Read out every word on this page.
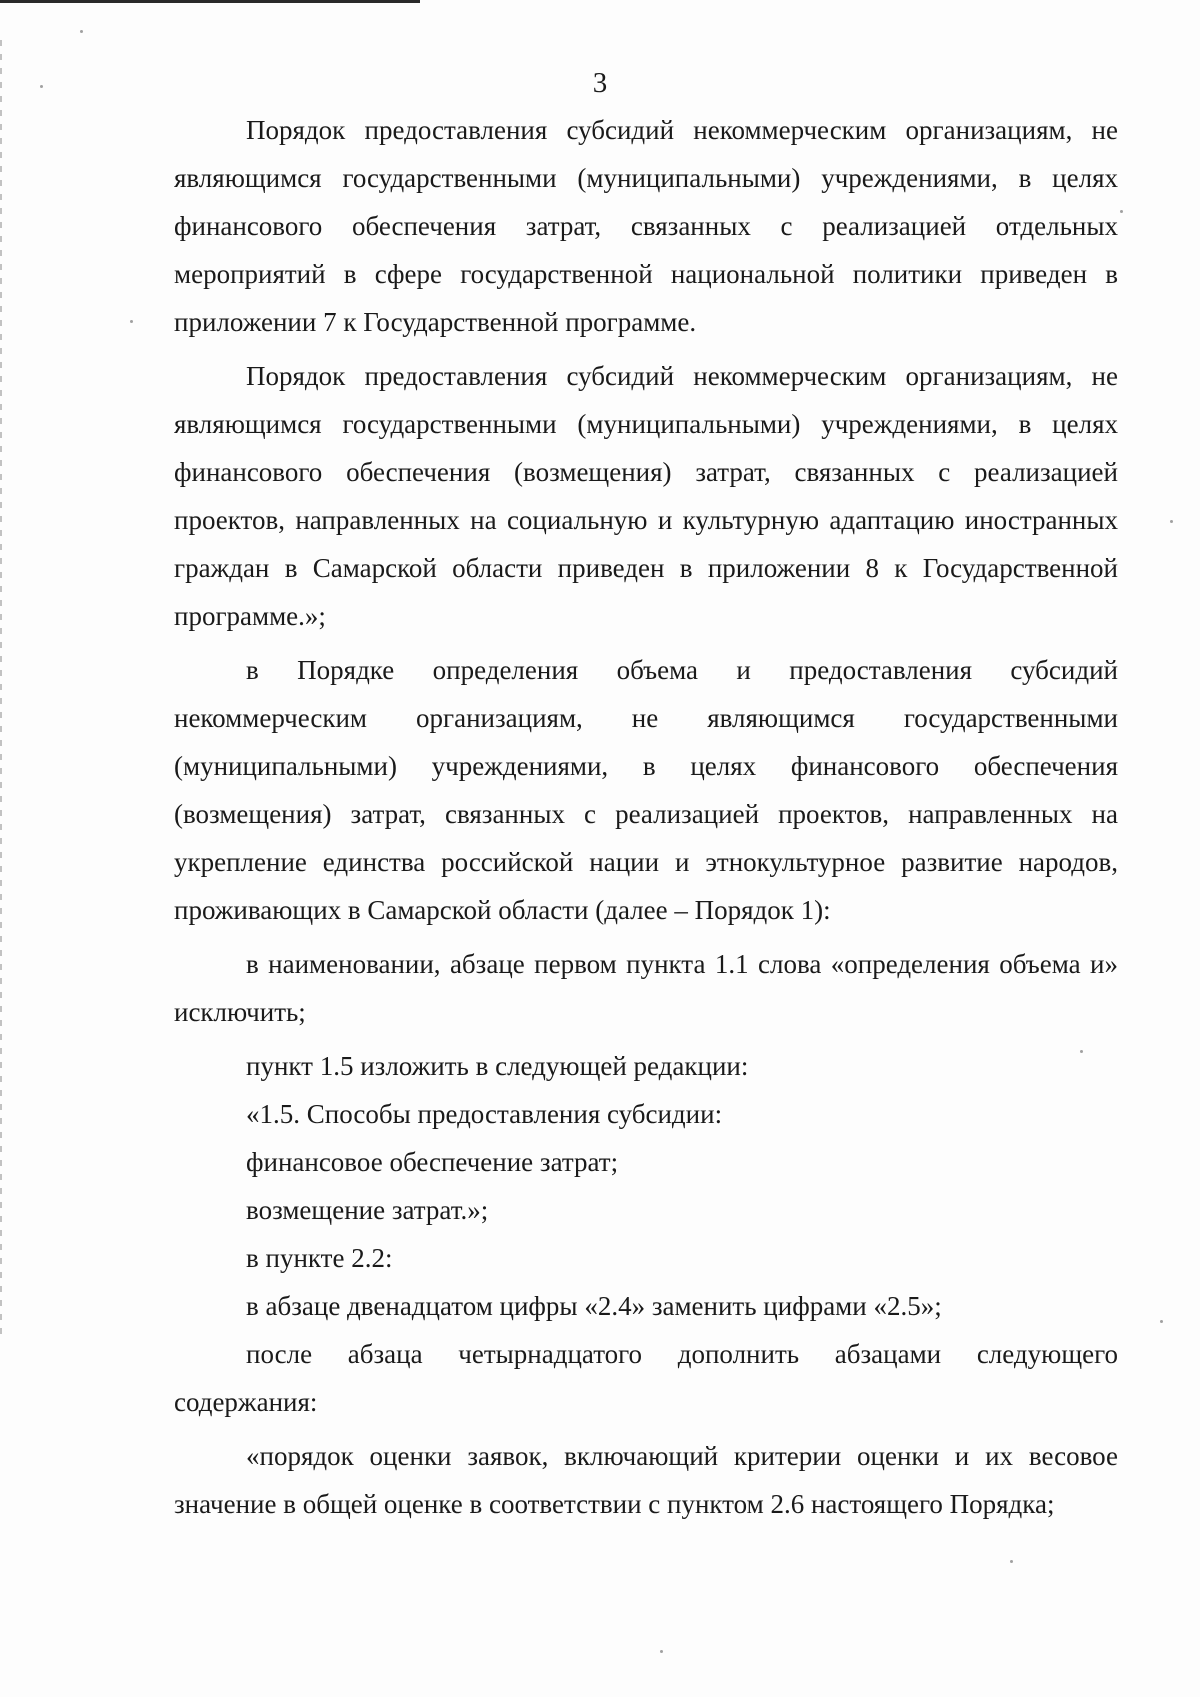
3

Порядок предоставления субсидий некоммерческим организациям, не являющимся государственными (муниципальными) учреждениями, в целях финансового обеспечения затрат, связанных с реализацией отдельных мероприятий в сфере государственной национальной политики приведен в приложении 7 к Государственной программе.

Порядок предоставления субсидий некоммерческим организациям, не являющимся государственными (муниципальными) учреждениями, в целях финансового обеспечения (возмещения) затрат, связанных с реализацией проектов, направленных на социальную и культурную адаптацию иностранных граждан в Самарской области приведен в приложении 8 к Государственной программе.»;

в Порядке определения объема и предоставления субсидий некоммерческим организациям, не являющимся государственными (муниципальными) учреждениями, в целях финансового обеспечения (возмещения) затрат, связанных с реализацией проектов, направленных на укрепление единства российской нации и этнокультурное развитие народов, проживающих в Самарской области (далее – Порядок 1):

в наименовании, абзаце первом пункта 1.1 слова «определения объема и» исключить;

пункт 1.5 изложить в следующей редакции:

«1.5. Способы предоставления субсидии:

финансовое обеспечение затрат;

возмещение затрат.»;

в пункте 2.2:

в абзаце двенадцатом цифры «2.4» заменить цифрами «2.5»;

после абзаца четырнадцатого дополнить абзацами следующего содержания:

«порядок оценки заявок, включающий критерии оценки и их весовое значение в общей оценке в соответствии с пунктом 2.6 настоящего Порядка;
